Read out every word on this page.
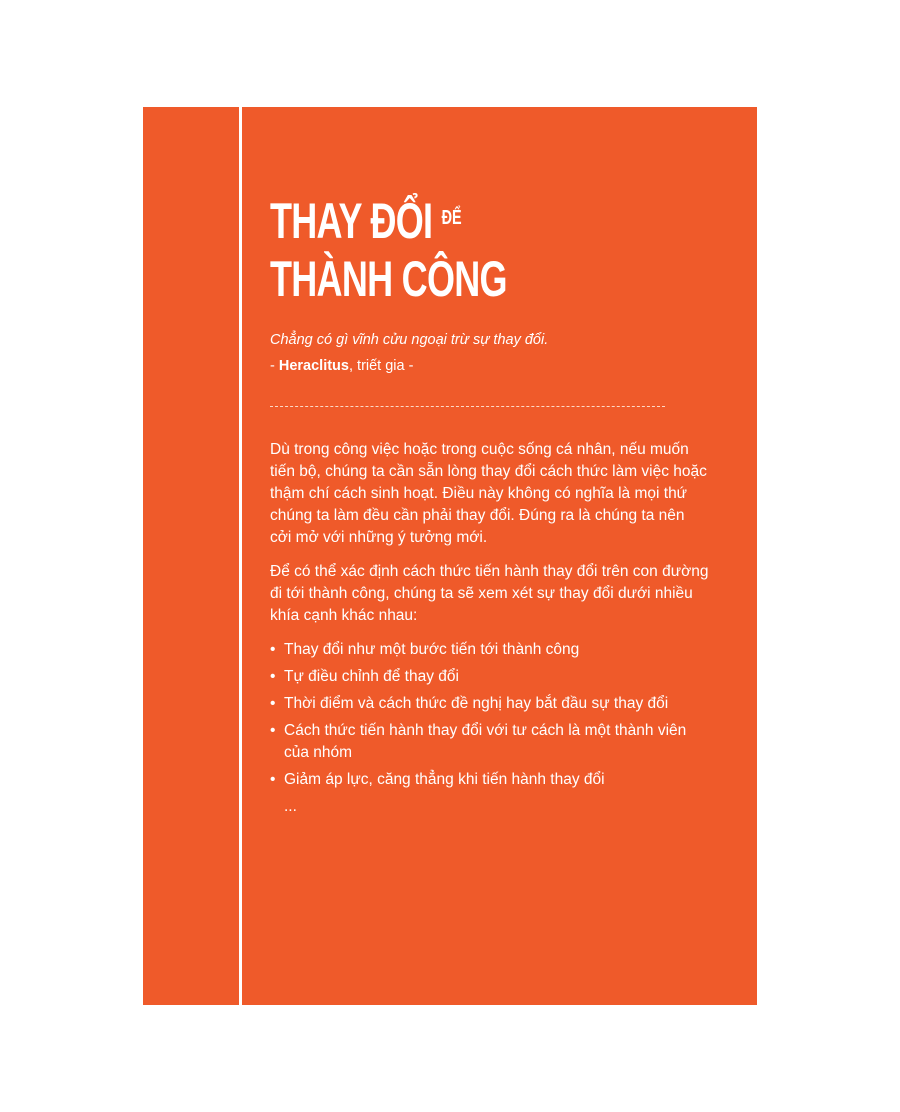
THAY ĐỔI $^{ĐỂ}$
THÀNH CÔNG
Chẳng có gì vĩnh cửu ngoại trừ sự thay đổi.
- Heraclitus, triết gia -

Dù trong công việc hoặc trong cuộc sống cá nhân, nếu muốn tiến bộ, chúng ta cần sẵn lòng thay đổi cách thức làm việc hoặc thậm chí cách sinh hoạt. Điều này không có nghĩa là mọi thứ chúng ta làm đều cần phải thay đổi. Đúng ra là chúng ta nên cởi mở với những ý tưởng mới.

Để có thể xác định cách thức tiến hành thay đổi trên con đường đi tới thành công, chúng ta sẽ xem xét sự thay đổi dưới nhiều khía cạnh khác nhau:

• Thay đổi như một bước tiến tới thành công
• Tự điều chỉnh để thay đổi
• Thời điểm và cách thức đề nghị hay bắt đầu sự thay đổi
• Cách thức tiến hành thay đổi với tư cách là một thành viên của nhóm
• Giảm áp lực, căng thẳng khi tiến hành thay đổi
...
